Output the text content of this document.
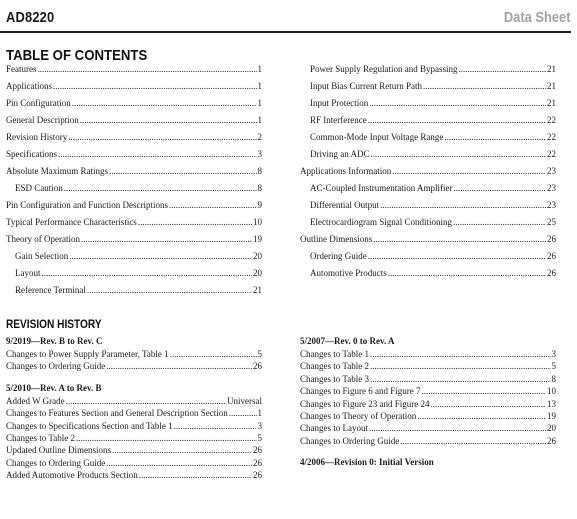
AD8220	Data Sheet
TABLE OF CONTENTS
Features .....	1
Applications .....	1
Pin Configuration .....	1
General Description .....	1
Revision History .....	2
Specifications .....	3
Absolute Maximum Ratings .....	8
ESD Caution .....	8
Pin Configuration and Function Descriptions .....	9
Typical Performance Characteristics .....	10
Theory of Operation .....	19
Gain Selection .....	20
Layout .....	20
Reference Terminal .....	21
Power Supply Regulation and Bypassing .....	21
Input Bias Current Return Path .....	21
Input Protection .....	21
RF Interference .....	22
Common-Mode Input Voltage Range .....	22
Driving an ADC .....	22
Applications Information .....	23
AC-Coupled Instrumentation Amplifier .....	23
Differential Output .....	23
Electrocardiogram Signal Conditioning .....	25
Outline Dimensions .....	26
Ordering Guide .....	26
Automotive Products .....	26
REVISION HISTORY
9/2019—Rev. B to Rev. C
Changes to Power Supply Parameter, Table 1 .....	5
Changes to Ordering Guide .....	26
5/2010—Rev. A to Rev. B
Added W Grade .....	Universal
Changes to Features Section and General Description Section .....	1
Changes to Specifications Section and Table 1 .....	3
Changes to Table 2 .....	5
Updated Outline Dimensions .....	26
Changes to Ordering Guide .....	26
Added Automotive Products Section .....	26
5/2007—Rev. 0 to Rev. A
Changes to Table 1 .....	3
Changes to Table 2 .....	5
Changes to Table 3 .....	8
Changes to Figure 6 and Figure 7 .....	10
Changes to Figure 23 and Figure 24 .....	13
Changes to Theory of Operation .....	19
Changes to Layout .....	20
Changes to Ordering Guide .....	26
4/2006—Revision 0: Initial Version
